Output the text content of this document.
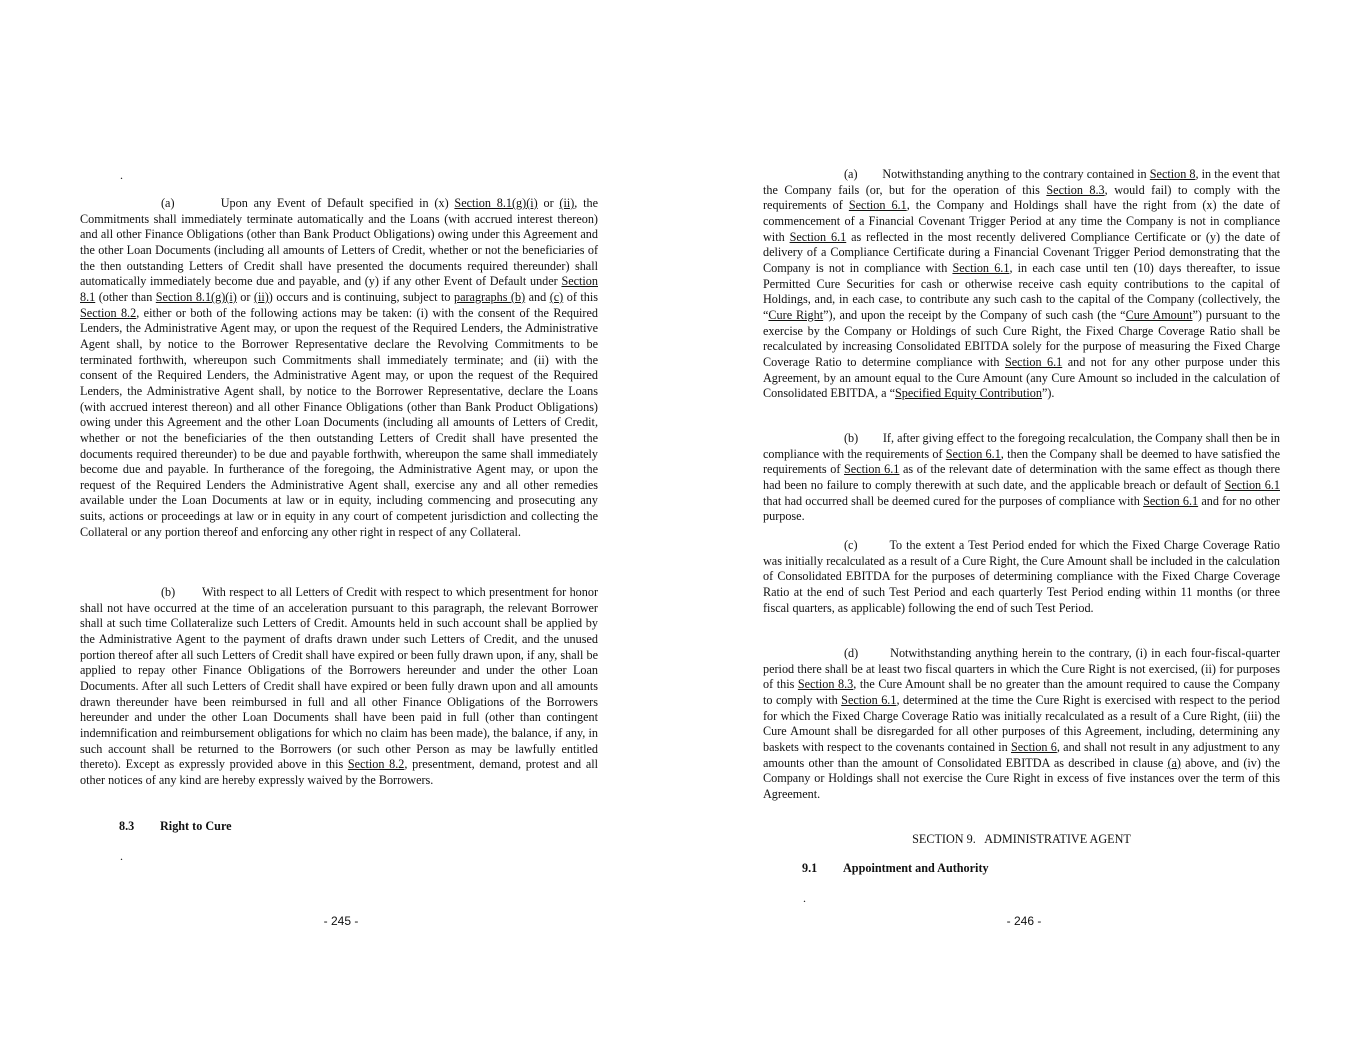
.

(a)	Upon any Event of Default specified in (x) Section 8.1(g)(i) or (ii), the Commitments shall immediately terminate automatically and the Loans (with accrued interest thereon) and all other Finance Obligations (other than Bank Product Obligations) owing under this Agreement and the other Loan Documents (including all amounts of Letters of Credit, whether or not the beneficiaries of the then outstanding Letters of Credit shall have presented the documents required thereunder) shall automatically immediately become due and payable, and (y) if any other Event of Default under Section 8.1 (other than Section 8.1(g)(i) or (ii)) occurs and is continuing, subject to paragraphs (b) and (c) of this Section 8.2, either or both of the following actions may be taken: (i) with the consent of the Required Lenders, the Administrative Agent may, or upon the request of the Required Lenders, the Administrative Agent shall, by notice to the Borrower Representative declare the Revolving Commitments to be terminated forthwith, whereupon such Commitments shall immediately terminate; and (ii) with the consent of the Required Lenders, the Administrative Agent may, or upon the request of the Required Lenders, the Administrative Agent shall, by notice to the Borrower Representative, declare the Loans (with accrued interest thereon) and all other Finance Obligations (other than Bank Product Obligations) owing under this Agreement and the other Loan Documents (including all amounts of Letters of Credit, whether or not the beneficiaries of the then outstanding Letters of Credit shall have presented the documents required thereunder) to be due and payable forthwith, whereupon the same shall immediately become due and payable. In furtherance of the foregoing, the Administrative Agent may, or upon the request of the Required Lenders the Administrative Agent shall, exercise any and all other remedies available under the Loan Documents at law or in equity, including commencing and prosecuting any suits, actions or proceedings at law or in equity in any court of competent jurisdiction and collecting the Collateral or any portion thereof and enforcing any other right in respect of any Collateral.

(b) With respect to all Letters of Credit with respect to which presentment for honor shall not have occurred at the time of an acceleration pursuant to this paragraph, the relevant Borrower shall at such time Collateralize such Letters of Credit. Amounts held in such account shall be applied by the Administrative Agent to the payment of drafts drawn under such Letters of Credit, and the unused portion thereof after all such Letters of Credit shall have expired or been fully drawn upon, if any, shall be applied to repay other Finance Obligations of the Borrowers hereunder and under the other Loan Documents. After all such Letters of Credit shall have expired or been fully drawn upon and all amounts drawn thereunder have been reimbursed in full and all other Finance Obligations of the Borrowers hereunder and under the other Loan Documents shall have been paid in full (other than contingent indemnification and reimbursement obligations for which no claim has been made), the balance, if any, in such account shall be returned to the Borrowers (or such other Person as may be lawfully entitled thereto). Except as expressly provided above in this Section 8.2, presentment, demand, protest and all other notices of any kind are hereby expressly waived by the Borrowers.

8.3 Right to Cure
.
- 245 -

(a) Notwithstanding anything to the contrary contained in Section 8, in the event that the Company fails (or, but for the operation of this Section 8.3, would fail) to comply with the requirements of Section 6.1, the Company and Holdings shall have the right from (x) the date of commencement of a Financial Covenant Trigger Period at any time the Company is not in compliance with Section 6.1 as reflected in the most recently delivered Compliance Certificate or (y) the date of delivery of a Compliance Certificate during a Financial Covenant Trigger Period demonstrating that the Company is not in compliance with Section 6.1, in each case until ten (10) days thereafter, to issue Permitted Cure Securities for cash or otherwise receive cash equity contributions to the capital of Holdings, and, in each case, to contribute any such cash to the capital of the Company (collectively, the “Cure Right”), and upon the receipt by the Company of such cash (the “Cure Amount”) pursuant to the exercise by the Company or Holdings of such Cure Right, the Fixed Charge Coverage Ratio shall be recalculated by increasing Consolidated EBITDA solely for the purpose of measuring the Fixed Charge Coverage Ratio to determine compliance with Section 6.1 and not for any other purpose under this Agreement, by an amount equal to the Cure Amount (any Cure Amount so included in the calculation of Consolidated EBITDA, a “Specified Equity Contribution”).

(b) If, after giving effect to the foregoing recalculation, the Company shall then be in compliance with the requirements of Section 6.1, then the Company shall be deemed to have satisfied the requirements of Section 6.1 as of the relevant date of determination with the same effect as though there had been no failure to comply therewith at such date, and the applicable breach or default of Section 6.1 that had occurred shall be deemed cured for the purposes of compliance with Section 6.1 and for no other purpose.

(c)	To the extent a Test Period ended for which the Fixed Charge Coverage Ratio was initially recalculated as a result of a Cure Right, the Cure Amount shall be included in the calculation of Consolidated EBITDA for the purposes of determining compliance with the Fixed Charge Coverage Ratio at the end of such Test Period and each quarterly Test Period ending within 11 months (or three fiscal quarters, as applicable) following the end of such Test Period.

(d)	Notwithstanding anything herein to the contrary, (i) in each four-fiscal-quarter period there shall be at least two fiscal quarters in which the Cure Right is not exercised, (ii) for purposes of this Section 8.3, the Cure Amount shall be no greater than the amount required to cause the Company to comply with Section 6.1, determined at the time the Cure Right is exercised with respect to the period for which the Fixed Charge Coverage Ratio was initially recalculated as a result of a Cure Right, (iii) the Cure Amount shall be disregarded for all other purposes of this Agreement, including, determining any baskets with respect to the covenants contained in Section 6, and shall not result in any adjustment to any amounts other than the amount of Consolidated EBITDA as described in clause (a) above, and (iv) the Company or Holdings shall not exercise the Cure Right in excess of five instances over the term of this Agreement.

SECTION 9.   ADMINISTRATIVE AGENT
9.1 Appointment and Authority
.
- 246 -
